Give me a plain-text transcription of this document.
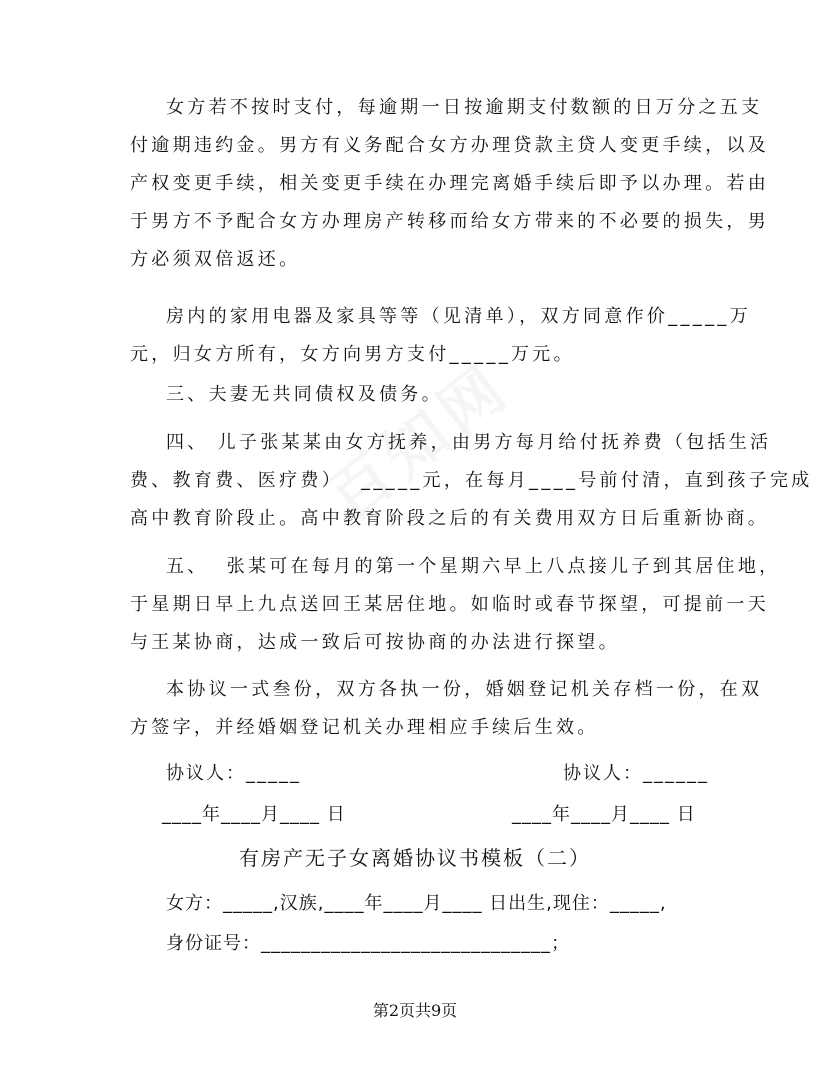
女方若不按时支付，每逾期一日按逾期支付数额的日万分之五支
付逾期违约金。男方有义务配合女方办理贷款主贷人变更手续，以及
产权变更手续，相关变更手续在办理完离婚手续后即予以办理。若由
于男方不予配合女方办理房产转移而给女方带来的不必要的损失，男
方必须双倍返还。
房内的家用电器及家具等等（见清单），双方同意作价_____万
元，归女方所有，女方向男方支付_____万元。
三、夫妻无共同债权及债务。
四、 儿子张某某由女方抚养，由男方每月给付抚养费（包括生活
费、教育费、医疗费）  _____元，在每月____号前付清，直到孩子完成
高中教育阶段止。高中教育阶段之后的有关费用双方日后重新协商。
五、  张某可在每月的第一个星期六早上八点接儿子到其居住地，
于星期日早上九点送回王某居住地。如临时或春节探望，可提前一天
与王某协商，达成一致后可按协商的办法进行探望。
本协议一式叁份，双方各执一份，婚姻登记机关存档一份，在双
方签字，并经婚姻登记机关办理相应手续后生效。
协议人：_____	协议人：______
____年____月____ 日	____年____月____ 日
有房产无子女离婚协议书模板（二）
女方：_____,汉族,____年____月____ 日出生,现住：_____,
身份证号：_____________________________；
第2页共9页
